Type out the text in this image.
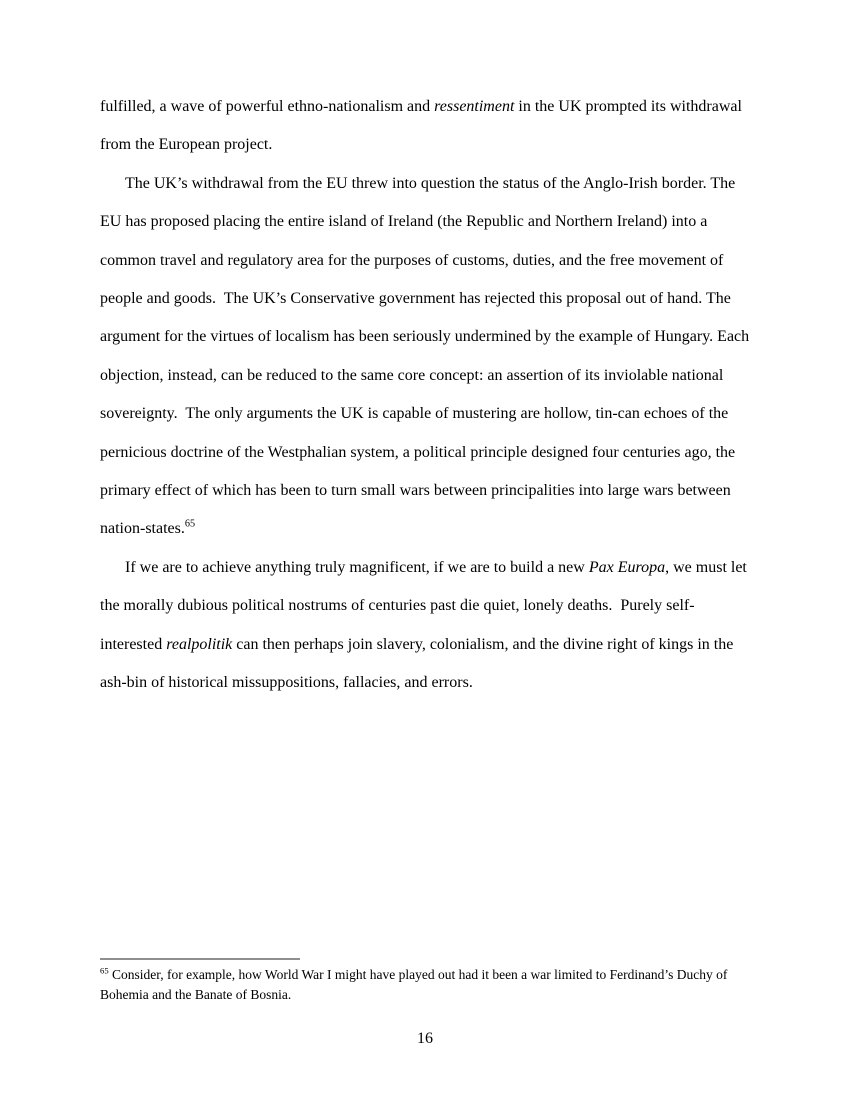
fulfilled, a wave of powerful ethno-nationalism and ressentiment in the UK prompted its withdrawal from the European project.

The UK’s withdrawal from the EU threw into question the status of the Anglo-Irish border. The EU has proposed placing the entire island of Ireland (the Republic and Northern Ireland) into a common travel and regulatory area for the purposes of customs, duties, and the free movement of people and goods.  The UK’s Conservative government has rejected this proposal out of hand. The argument for the virtues of localism has been seriously undermined by the example of Hungary. Each objection, instead, can be reduced to the same core concept: an assertion of its inviolable national sovereignty.  The only arguments the UK is capable of mustering are hollow, tin-can echoes of the pernicious doctrine of the Westphalian system, a political principle designed four centuries ago, the primary effect of which has been to turn small wars between principalities into large wars between nation-states.$^{65}$

If we are to achieve anything truly magnificent, if we are to build a new Pax Europa, we must let the morally dubious political nostrums of centuries past die quiet, lonely deaths.  Purely self-interested realpolitik can then perhaps join slavery, colonialism, and the divine right of kings in the ash-bin of historical missuppositions, fallacies, and errors.

$^{65}$ Consider, for example, how World War I might have played out had it been a war limited to Ferdinand’s Duchy of Bohemia and the Banate of Bosnia.
16
